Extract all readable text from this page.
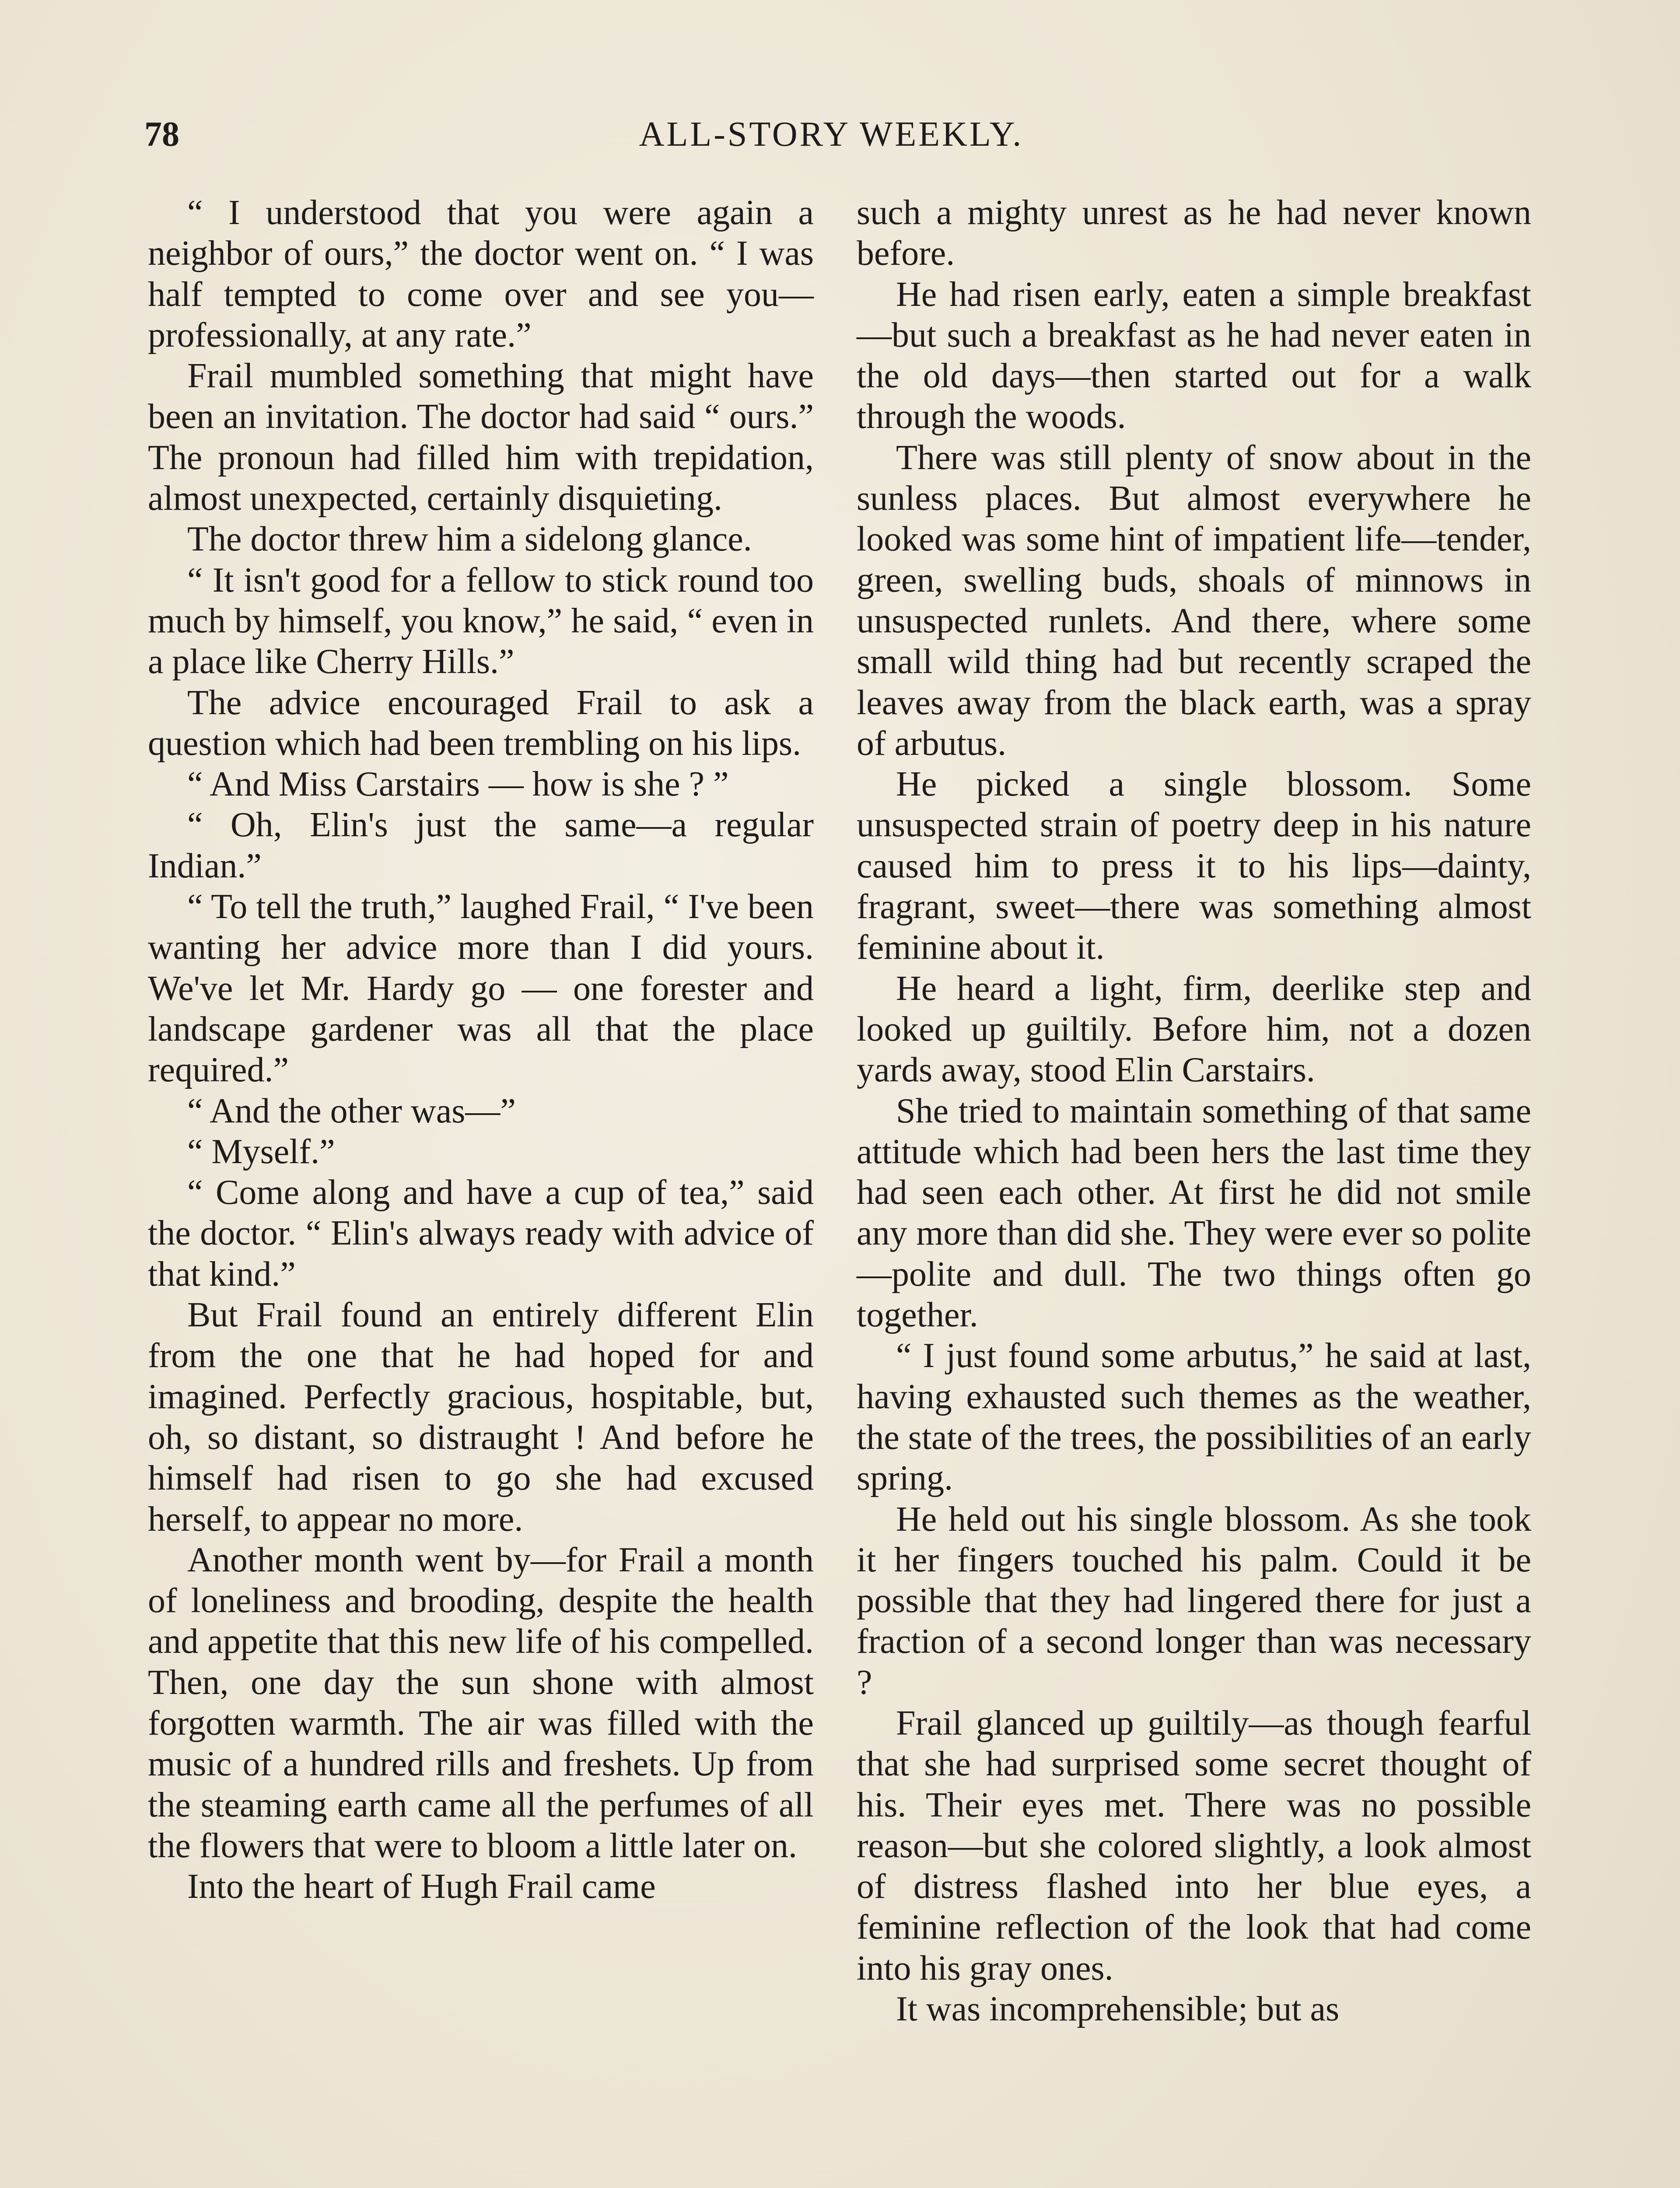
78	ALL-STORY WEEKLY.

“ I understood that you were again a neighbor of ours,” the doctor went on. “ I was half tempted to come over and see you—professionally, at any rate.”

Frail mumbled something that might have been an invitation. The doctor had said “ ours.” The pronoun had filled him with trepidation, almost unexpected, certainly disquieting.

The doctor threw him a sidelong glance.

“ It isn't good for a fellow to stick round too much by himself, you know,” he said, “ even in a place like Cherry Hills.”

The advice encouraged Frail to ask a question which had been trembling on his lips.

“ And Miss Carstairs — how is she ? ”

“ Oh, Elin's just the same—a regular Indian.”

“ To tell the truth,” laughed Frail, “ I've been wanting her advice more than I did yours. We've let Mr. Hardy go — one forester and landscape gardener was all that the place required.”

“ And the other was—”

“ Myself.”

“ Come along and have a cup of tea,” said the doctor. “ Elin's always ready with advice of that kind.”

But Frail found an entirely different Elin from the one that he had hoped for and imagined. Perfectly gracious, hospitable, but, oh, so distant, so distraught ! And before he himself had risen to go she had excused herself, to appear no more.

Another month went by—for Frail a month of loneliness and brooding, despite the health and appetite that this new life of his compelled. Then, one day the sun shone with almost forgotten warmth. The air was filled with the music of a hundred rills and freshets. Up from the steaming earth came all the perfumes of all the flowers that were to bloom a little later on.

Into the heart of Hugh Frail came

such a mighty unrest as he had never known before.

He had risen early, eaten a simple breakfast—but such a breakfast as he had never eaten in the old days—then started out for a walk through the woods.

There was still plenty of snow about in the sunless places. But almost everywhere he looked was some hint of impatient life—tender, green, swelling buds, shoals of minnows in unsuspected runlets. And there, where some small wild thing had but recently scraped the leaves away from the black earth, was a spray of arbutus.

He picked a single blossom. Some unsuspected strain of poetry deep in his nature caused him to press it to his lips—dainty, fragrant, sweet—there was something almost feminine about it.

He heard a light, firm, deerlike step and looked up guiltily. Before him, not a dozen yards away, stood Elin Carstairs.

She tried to maintain something of that same attitude which had been hers the last time they had seen each other. At first he did not smile any more than did she. They were ever so polite—polite and dull. The two things often go together.

“ I just found some arbutus,” he said at last, having exhausted such themes as the weather, the state of the trees, the possibilities of an early spring.

He held out his single blossom. As she took it her fingers touched his palm. Could it be possible that they had lingered there for just a fraction of a second longer than was necessary ?

Frail glanced up guiltily—as though fearful that she had surprised some secret thought of his. Their eyes met. There was no possible reason—but she colored slightly, a look almost of distress flashed into her blue eyes, a feminine reflection of the look that had come into his gray ones.

It was incomprehensible; but as
